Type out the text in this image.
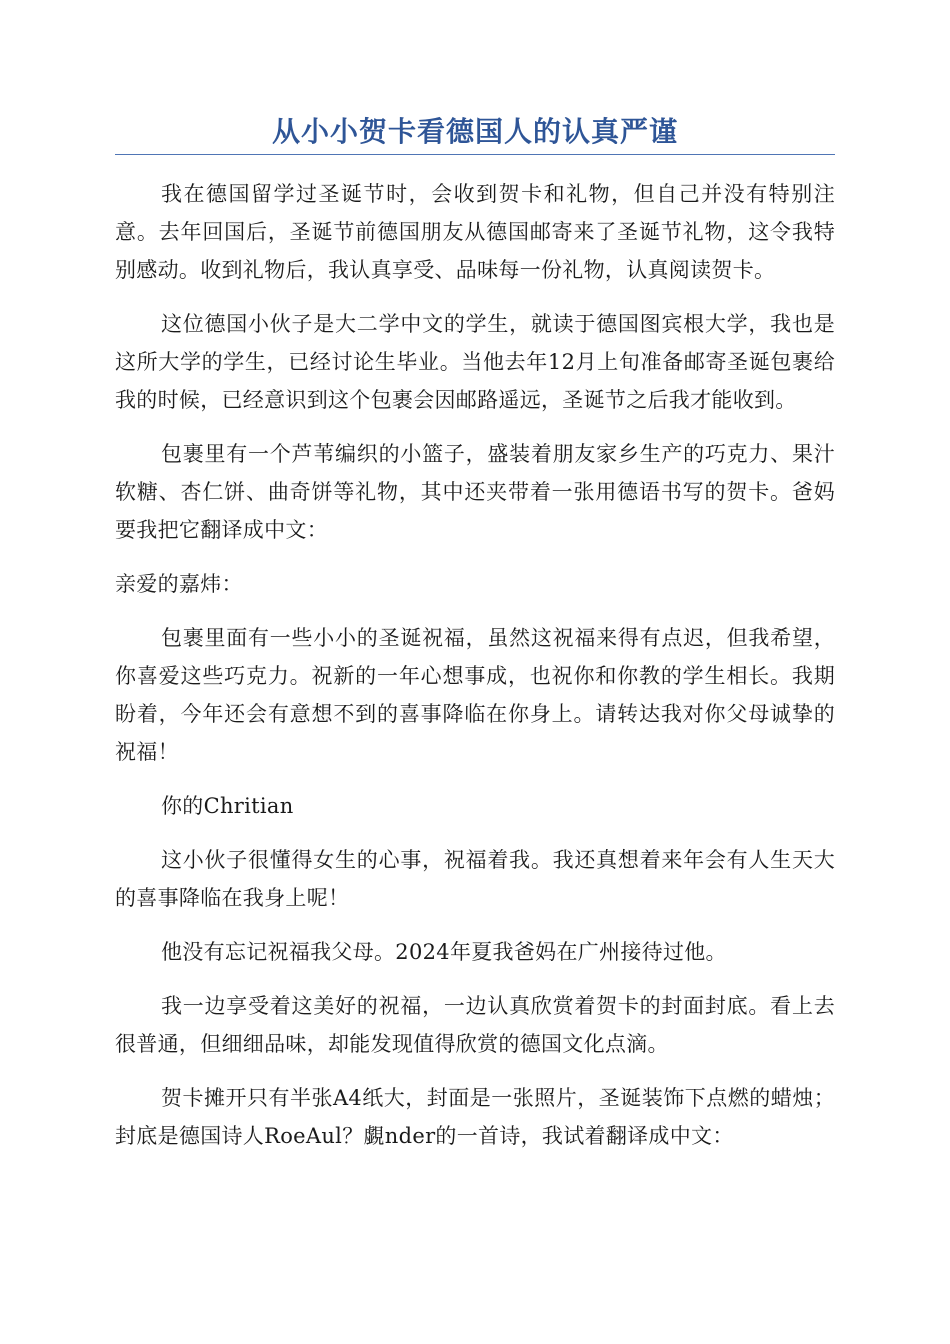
从小小贺卡看德国人的认真严谨

我在德国留学过圣诞节时，会收到贺卡和礼物，但自己并没有特别注意。去年回国后，圣诞节前德国朋友从德国邮寄来了圣诞节礼物，这令我特别感动。收到礼物后，我认真享受、品味每一份礼物，认真阅读贺卡。

这位德国小伙子是大二学中文的学生，就读于德国图宾根大学，我也是这所大学的学生，已经讨论生毕业。当他去年12月上旬准备邮寄圣诞包裹给我的时候，已经意识到这个包裹会因邮路遥远，圣诞节之后我才能收到。

包裹里有一个芦苇编织的小篮子，盛装着朋友家乡生产的巧克力、果汁软糖、杏仁饼、曲奇饼等礼物，其中还夹带着一张用德语书写的贺卡。爸妈要我把它翻译成中文：

亲爱的嘉炜：

包裹里面有一些小小的圣诞祝福，虽然这祝福来得有点迟，但我希望，你喜爱这些巧克力。祝新的一年心想事成，也祝你和你教的学生相长。我期盼着，今年还会有意想不到的喜事降临在你身上。请转达我对你父母诚挚的祝福！

你的Chritian

这小伙子很懂得女生的心事，祝福着我。我还真想着来年会有人生天大的喜事降临在我身上呢！

他没有忘记祝福我父母。2024年夏我爸妈在广州接待过他。

我一边享受着这美好的祝福，一边认真欣赏着贺卡的封面封底。看上去很普通，但细细品味，却能发现值得欣赏的德国文化点滴。

贺卡摊开只有半张A4纸大，封面是一张照片，圣诞装饰下点燃的蜡烛；封底是德国诗人RoeAul？覷nder的一首诗，我试着翻译成中文：
